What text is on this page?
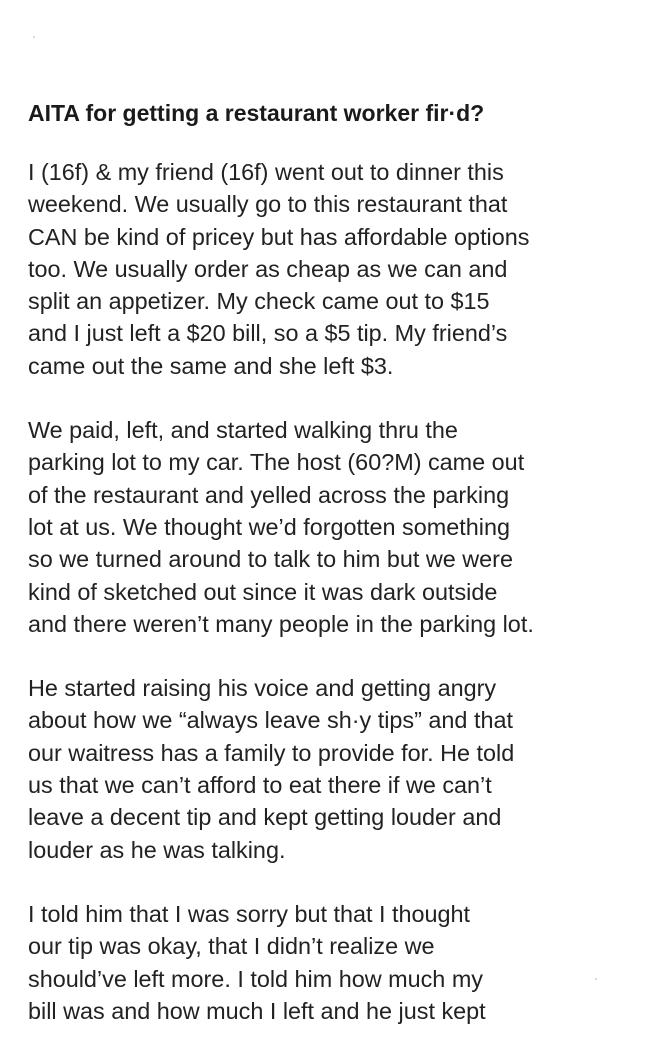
AITA for getting a restaurant worker fir·d?

I (16f) & my friend (16f) went out to dinner this
weekend. We usually go to this restaurant that
CAN be kind of pricey but has affordable options
too. We usually order as cheap as we can and
split an appetizer. My check came out to $15
and I just left a $20 bill, so a $5 tip. My friend’s
came out the same and she left $3.

We paid, left, and started walking thru the
parking lot to my car. The host (60?M) came out
of the restaurant and yelled across the parking
lot at us. We thought we’d forgotten something
so we turned around to talk to him but we were
kind of sketched out since it was dark outside
and there weren’t many people in the parking lot.

He started raising his voice and getting angry
about how we “always leave sh·y tips” and that
our waitress has a family to provide for. He told
us that we can’t afford to eat there if we can’t
leave a decent tip and kept getting louder and
louder as he was talking.

I told him that I was sorry but that I thought
our tip was okay, that I didn’t realize we
should’ve left more. I told him how much my
bill was and how much I left and he just kept
